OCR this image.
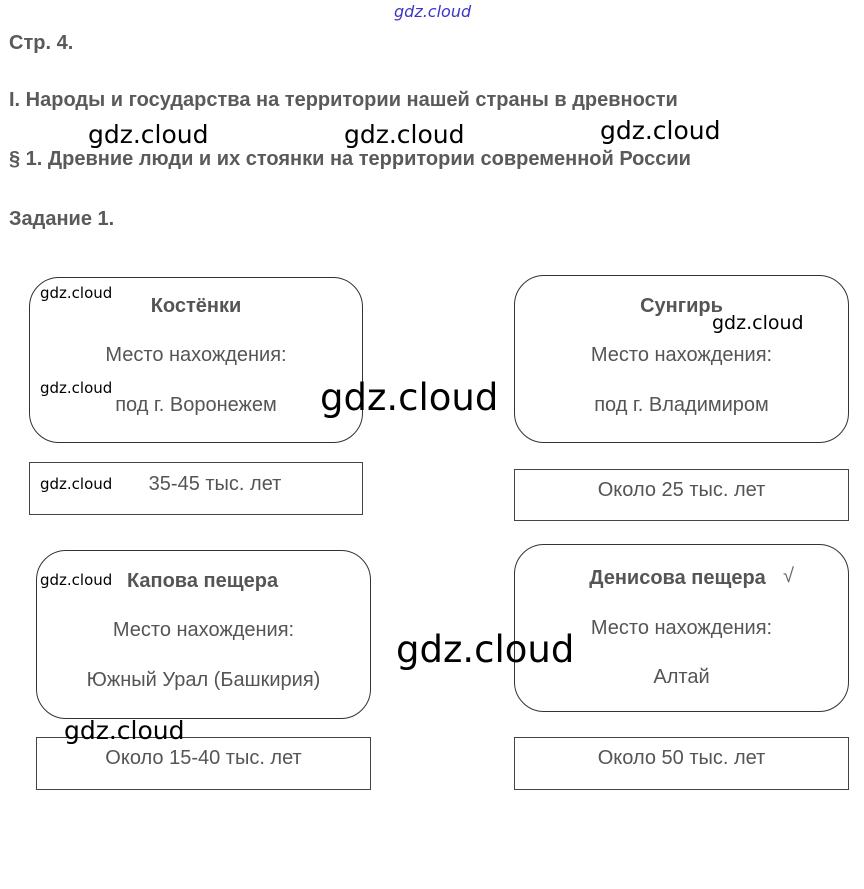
gdz.cloud
Стр. 4.
I. Народы и государства на территории нашей страны в древности
§ 1. Древние люди и их стоянки на территории современной России
Задание 1.
Костёнки
Место нахождения:
под г. Воронежем
35-45 тыс. лет
Сунгирь
Место нахождения:
под г. Владимиром
Около 25 тыс. лет
Капова пещера
Место нахождения:
Южный Урал (Башкирия)
Около 15-40 тыс. лет
Денисова пещера √
Место нахождения:
Алтай
Около 50 тыс. лет
gdz.cloud	gdz.cloud	gdz.cloud
gdz.cloud
gdz.cloud
gdz.cloud
gdz.cloud
gdz.cloud
gdz.cloud
gdz.cloud
gdz.cloud
